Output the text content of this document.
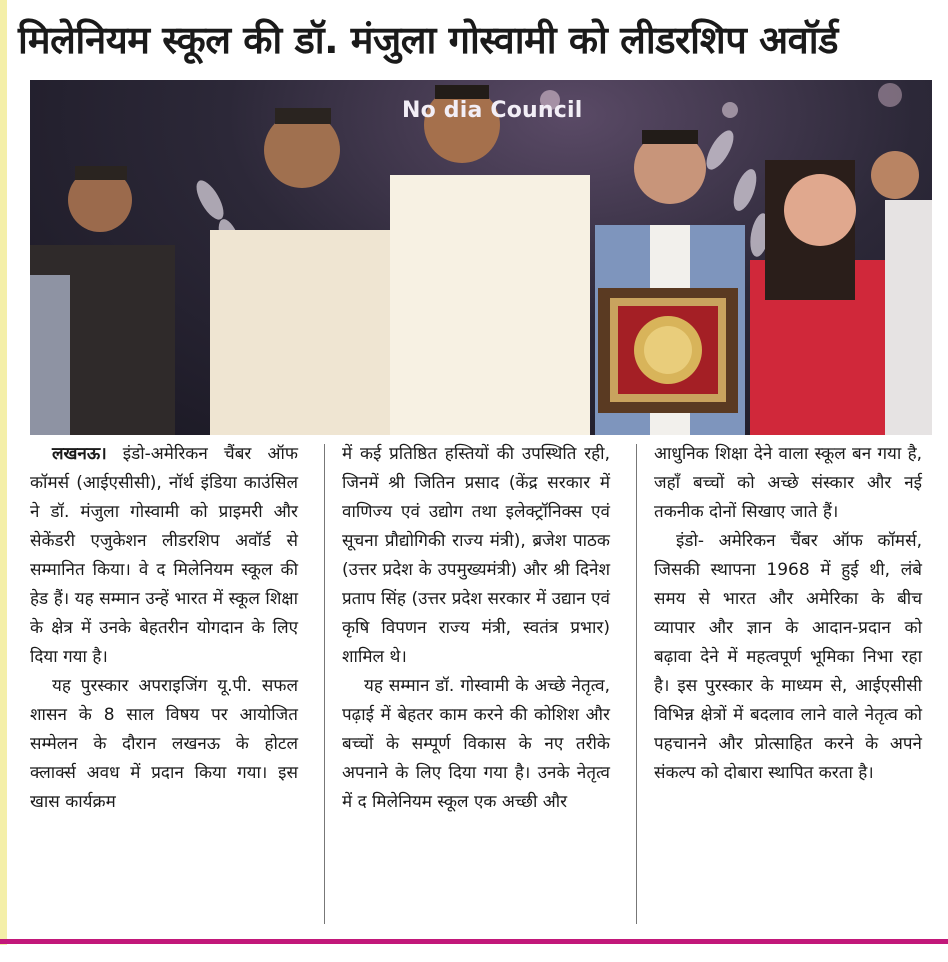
मिलेनियम स्कूल की डॉ. मंजुला गोस्वामी को लीडरशिप अवॉर्ड
No dia Council

लखनऊ। इंडो-अमेरिकन चैंबर ऑफ कॉमर्स (आईएसीसी), नॉर्थ इंडिया काउंसिल ने डॉ. मंजुला गोस्वामी को प्राइमरी और सेकेंडरी एजुकेशन लीडरशिप अवॉर्ड से सम्मानित किया। वे द मिलेनियम स्कूल की हेड हैं। यह सम्मान उन्हें भारत में स्कूल शिक्षा के क्षेत्र में उनके बेहतरीन योगदान के लिए दिया गया है।

यह पुरस्कार अपराइजिंग यू.पी. सफल शासन के 8 साल विषय पर आयोजित सम्मेलन के दौरान लखनऊ के होटल क्लार्क्स अवध में प्रदान किया गया। इस खास कार्यक्रम

में कई प्रतिष्ठित हस्तियों की उपस्थिति रही, जिनमें श्री जितिन प्रसाद (केंद्र सरकार में वाणिज्य एवं उद्योग तथा इलेक्ट्रॉनिक्स एवं सूचना प्रौद्योगिकी राज्य मंत्री), ब्रजेश पाठक (उत्तर प्रदेश के उपमुख्यमंत्री) और श्री दिनेश प्रताप सिंह (उत्तर प्रदेश सरकार में उद्यान एवं कृषि विपणन राज्य मंत्री, स्वतंत्र प्रभार) शामिल थे।

यह सम्मान डॉ. गोस्वामी के अच्छे नेतृत्व, पढ़ाई में बेहतर काम करने की कोशिश और बच्चों के सम्पूर्ण विकास के नए तरीके अपनाने के लिए दिया गया है। उनके नेतृत्व में द मिलेनियम स्कूल एक अच्छी और

आधुनिक शिक्षा देने वाला स्कूल बन गया है, जहाँ बच्चों को अच्छे संस्कार और नई तकनीक दोनों सिखाए जाते हैं।

इंडो- अमेरिकन चैंबर ऑफ कॉमर्स, जिसकी स्थापना 1968 में हुई थी, लंबे समय से भारत और अमेरिका के बीच व्यापार और ज्ञान के आदान-प्रदान को बढ़ावा देने में महत्वपूर्ण भूमिका निभा रहा है। इस पुरस्कार के माध्यम से, आईएसीसी विभिन्न क्षेत्रों में बदलाव लाने वाले नेतृत्व को पहचानने और प्रोत्साहित करने के अपने संकल्प को दोबारा स्थापित करता है।
